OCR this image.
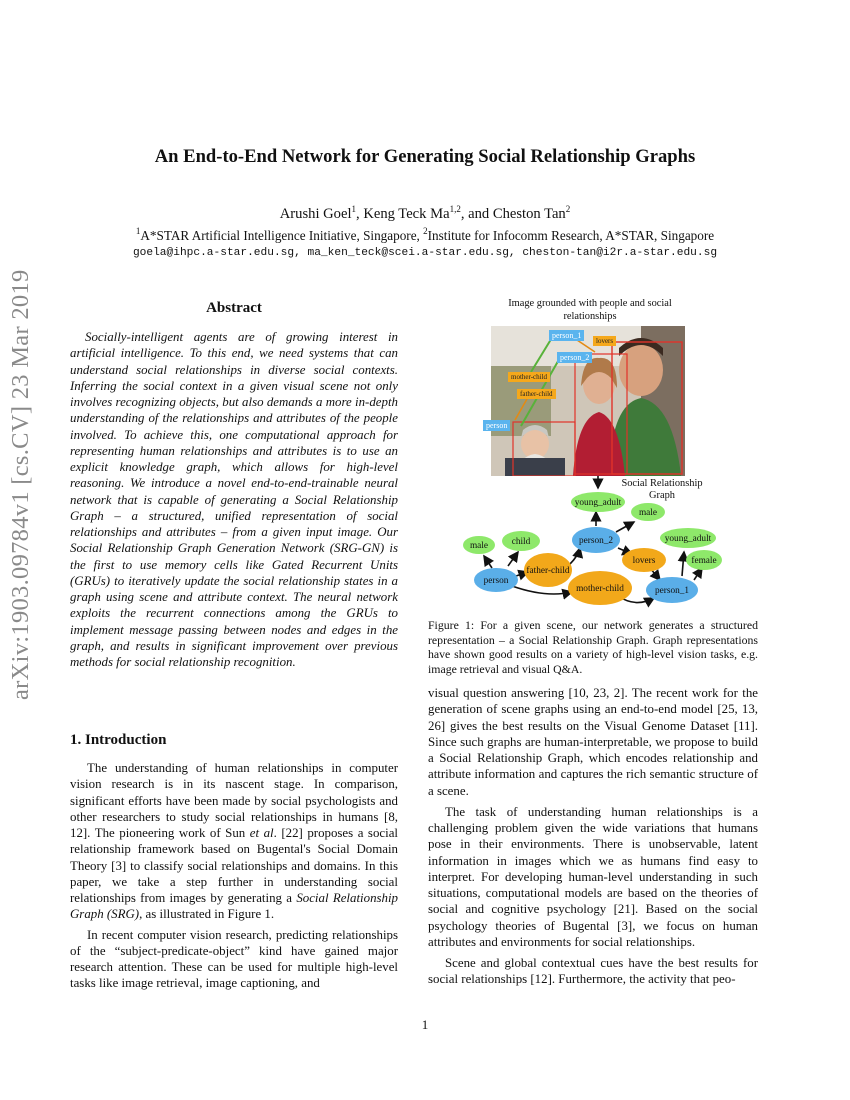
arXiv:1903.09784v1 [cs.CV] 23 Mar 2019
An End-to-End Network for Generating Social Relationship Graphs
Arushi Goel$^1$, Keng Teck Ma$^{1,2}$, and Cheston Tan$^2$
$^1$A*STAR Artificial Intelligence Initiative, Singapore, $^2$Institute for Infocomm Research, A*STAR, Singapore
goela@ihpc.a-star.edu.sg, ma_ken_teck@scei.a-star.edu.sg, cheston-tan@i2r.a-star.edu.sg
Abstract
Socially-intelligent agents are of growing interest in artificial intelligence. To this end, we need systems that can understand social relationships in diverse social contexts. Inferring the social context in a given visual scene not only involves recognizing objects, but also demands a more in-depth understanding of the relationships and attributes of the people involved. To achieve this, one computational approach for representing human relationships and attributes is to use an explicit knowledge graph, which allows for high-level reasoning. We introduce a novel end-to-end-trainable neural network that is capable of generating a Social Relationship Graph – a structured, unified representation of social relationships and attributes – from a given input image. Our Social Relationship Graph Generation Network (SRG-GN) is the first to use memory cells like Gated Recurrent Units (GRUs) to iteratively update the social relationship states in a graph using scene and attribute context. The neural network exploits the recurrent connections among the GRUs to implement message passing between nodes and edges in the graph, and results in significant improvement over previous methods for social relationship recognition.
1. Introduction

The understanding of human relationships in computer vision research is in its nascent stage. In comparison, significant efforts have been made by social psychologists and other researchers to study social relationships in humans [8, 12]. The pioneering work of Sun et al. [22] proposes a social relationship framework based on Bugental's Social Domain Theory [3] to classify social relationships and domains. In this paper, we take a step further in understanding social relationships from images by generating a Social Relationship Graph (SRG), as illustrated in Figure 1.

In recent computer vision research, predicting relationships of the “subject-predicate-object” kind have gained major research attention. These can be used for multiple high-level tasks like image retrieval, image captioning, and

Image grounded with people and social relationships
person_1
lovers
person_2
mother-child
father-child
person
Social Relationship Graph
young_adult
male
person_2
male	child	young_adult
father-child
lovers	female
person
mother-child	person_1
Figure 1: For a given scene, our network generates a structured representation – a Social Relationship Graph. Graph representations have shown good results on a variety of high-level vision tasks, e.g. image retrieval and visual Q&A.

visual question answering [10, 23, 2]. The recent work for the generation of scene graphs using an end-to-end model [25, 13, 26] gives the best results on the Visual Genome Dataset [11]. Since such graphs are human-interpretable, we propose to build a Social Relationship Graph, which encodes relationship and attribute information and captures the rich semantic structure of a scene.

The task of understanding human relationships is a challenging problem given the wide variations that humans pose in their environments. There is unobservable, latent information in images which we as humans find easy to interpret. For developing human-level understanding in such situations, computational models are based on the theories of social and cognitive psychology [21]. Based on the social psychology theories of Bugental [3], we focus on human attributes and environments for social relationships.

Scene and global contextual cues have the best results for social relationships [12]. Furthermore, the activity that peo-

1
